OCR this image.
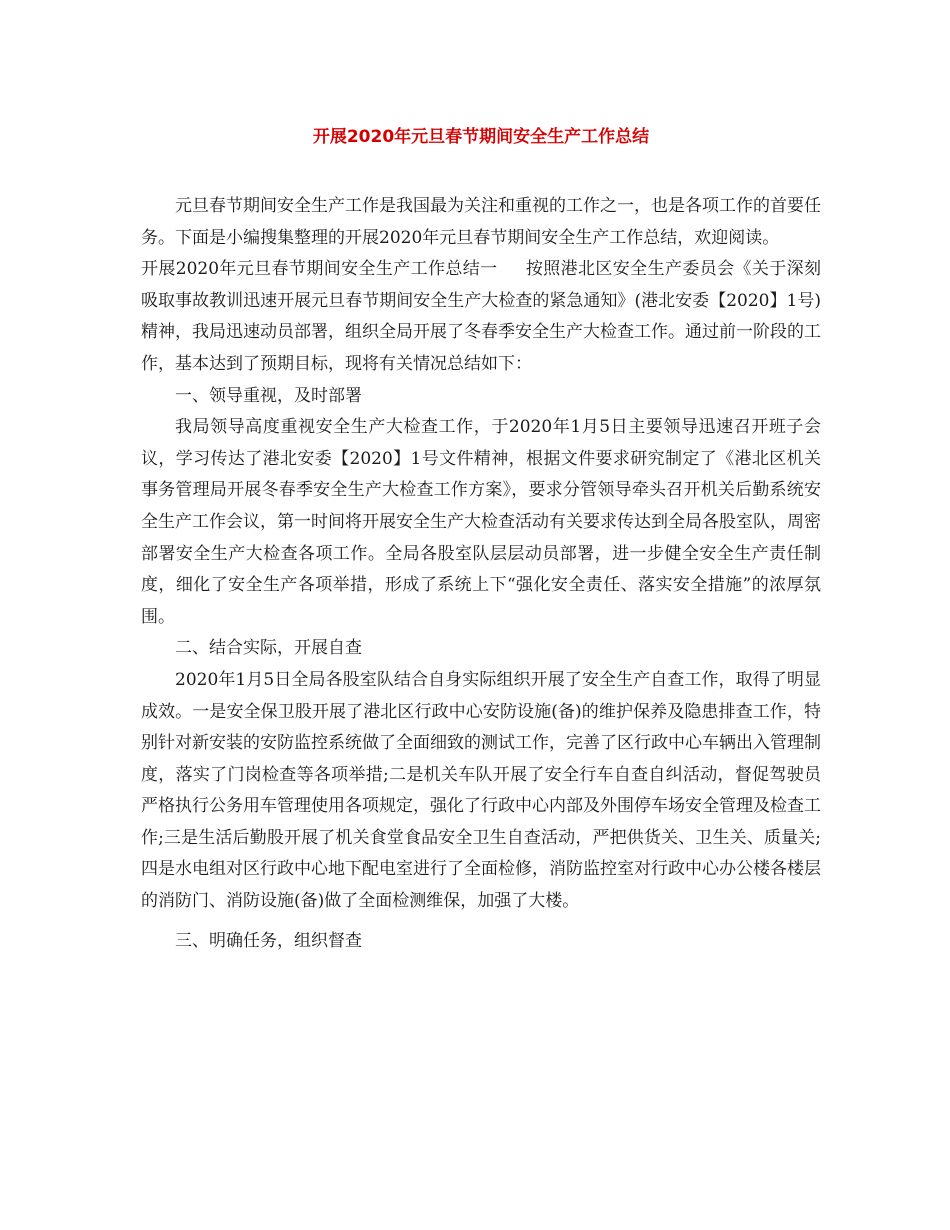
开展2020年元旦春节期间安全生产工作总结

元旦春节期间安全生产工作是我国最为关注和重视的工作之一，也是各项工作的首要任务。下面是小编搜集整理的开展2020年元旦春节期间安全生产工作总结，欢迎阅读。

开展2020年元旦春节期间安全生产工作总结一 按照港北区安全生产委员会《关于深刻吸取事故教训迅速开展元旦春节期间安全生产大检查的紧急通知》(港北安委【2020】1号)精神，我局迅速动员部署，组织全局开展了冬春季安全生产大检查工作。通过前一阶段的工作，基本达到了预期目标，现将有关情况总结如下：

一、领导重视，及时部署

我局领导高度重视安全生产大检查工作，于2020年1月5日主要领导迅速召开班子会议，学习传达了港北安委【2020】1号文件精神，根据文件要求研究制定了《港北区机关事务管理局开展冬春季安全生产大检查工作方案》，要求分管领导牵头召开机关后勤系统安全生产工作会议，第一时间将开展安全生产大检查活动有关要求传达到全局各股室队，周密部署安全生产大检查各项工作。全局各股室队层层动员部署，进一步健全安全生产责任制度，细化了安全生产各项举措，形成了系统上下“强化安全责任、落实安全措施”的浓厚氛围。

二、结合实际，开展自查

2020年1月5日全局各股室队结合自身实际组织开展了安全生产自查工作，取得了明显成效。一是安全保卫股开展了港北区行政中心安防设施(备)的维护保养及隐患排查工作，特别针对新安装的安防监控系统做了全面细致的测试工作，完善了区行政中心车辆出入管理制度，落实了门岗检查等各项举措;二是机关车队开展了安全行车自查自纠活动，督促驾驶员严格执行公务用车管理使用各项规定，强化了行政中心内部及外围停车场安全管理及检查工作;三是生活后勤股开展了机关食堂食品安全卫生自查活动，严把供货关、卫生关、质量关;四是水电组对区行政中心地下配电室进行了全面检修，消防监控室对行政中心办公楼各楼层的消防门、消防设施(备)做了全面检测维保，加强了大楼。

三、明确任务，组织督查
